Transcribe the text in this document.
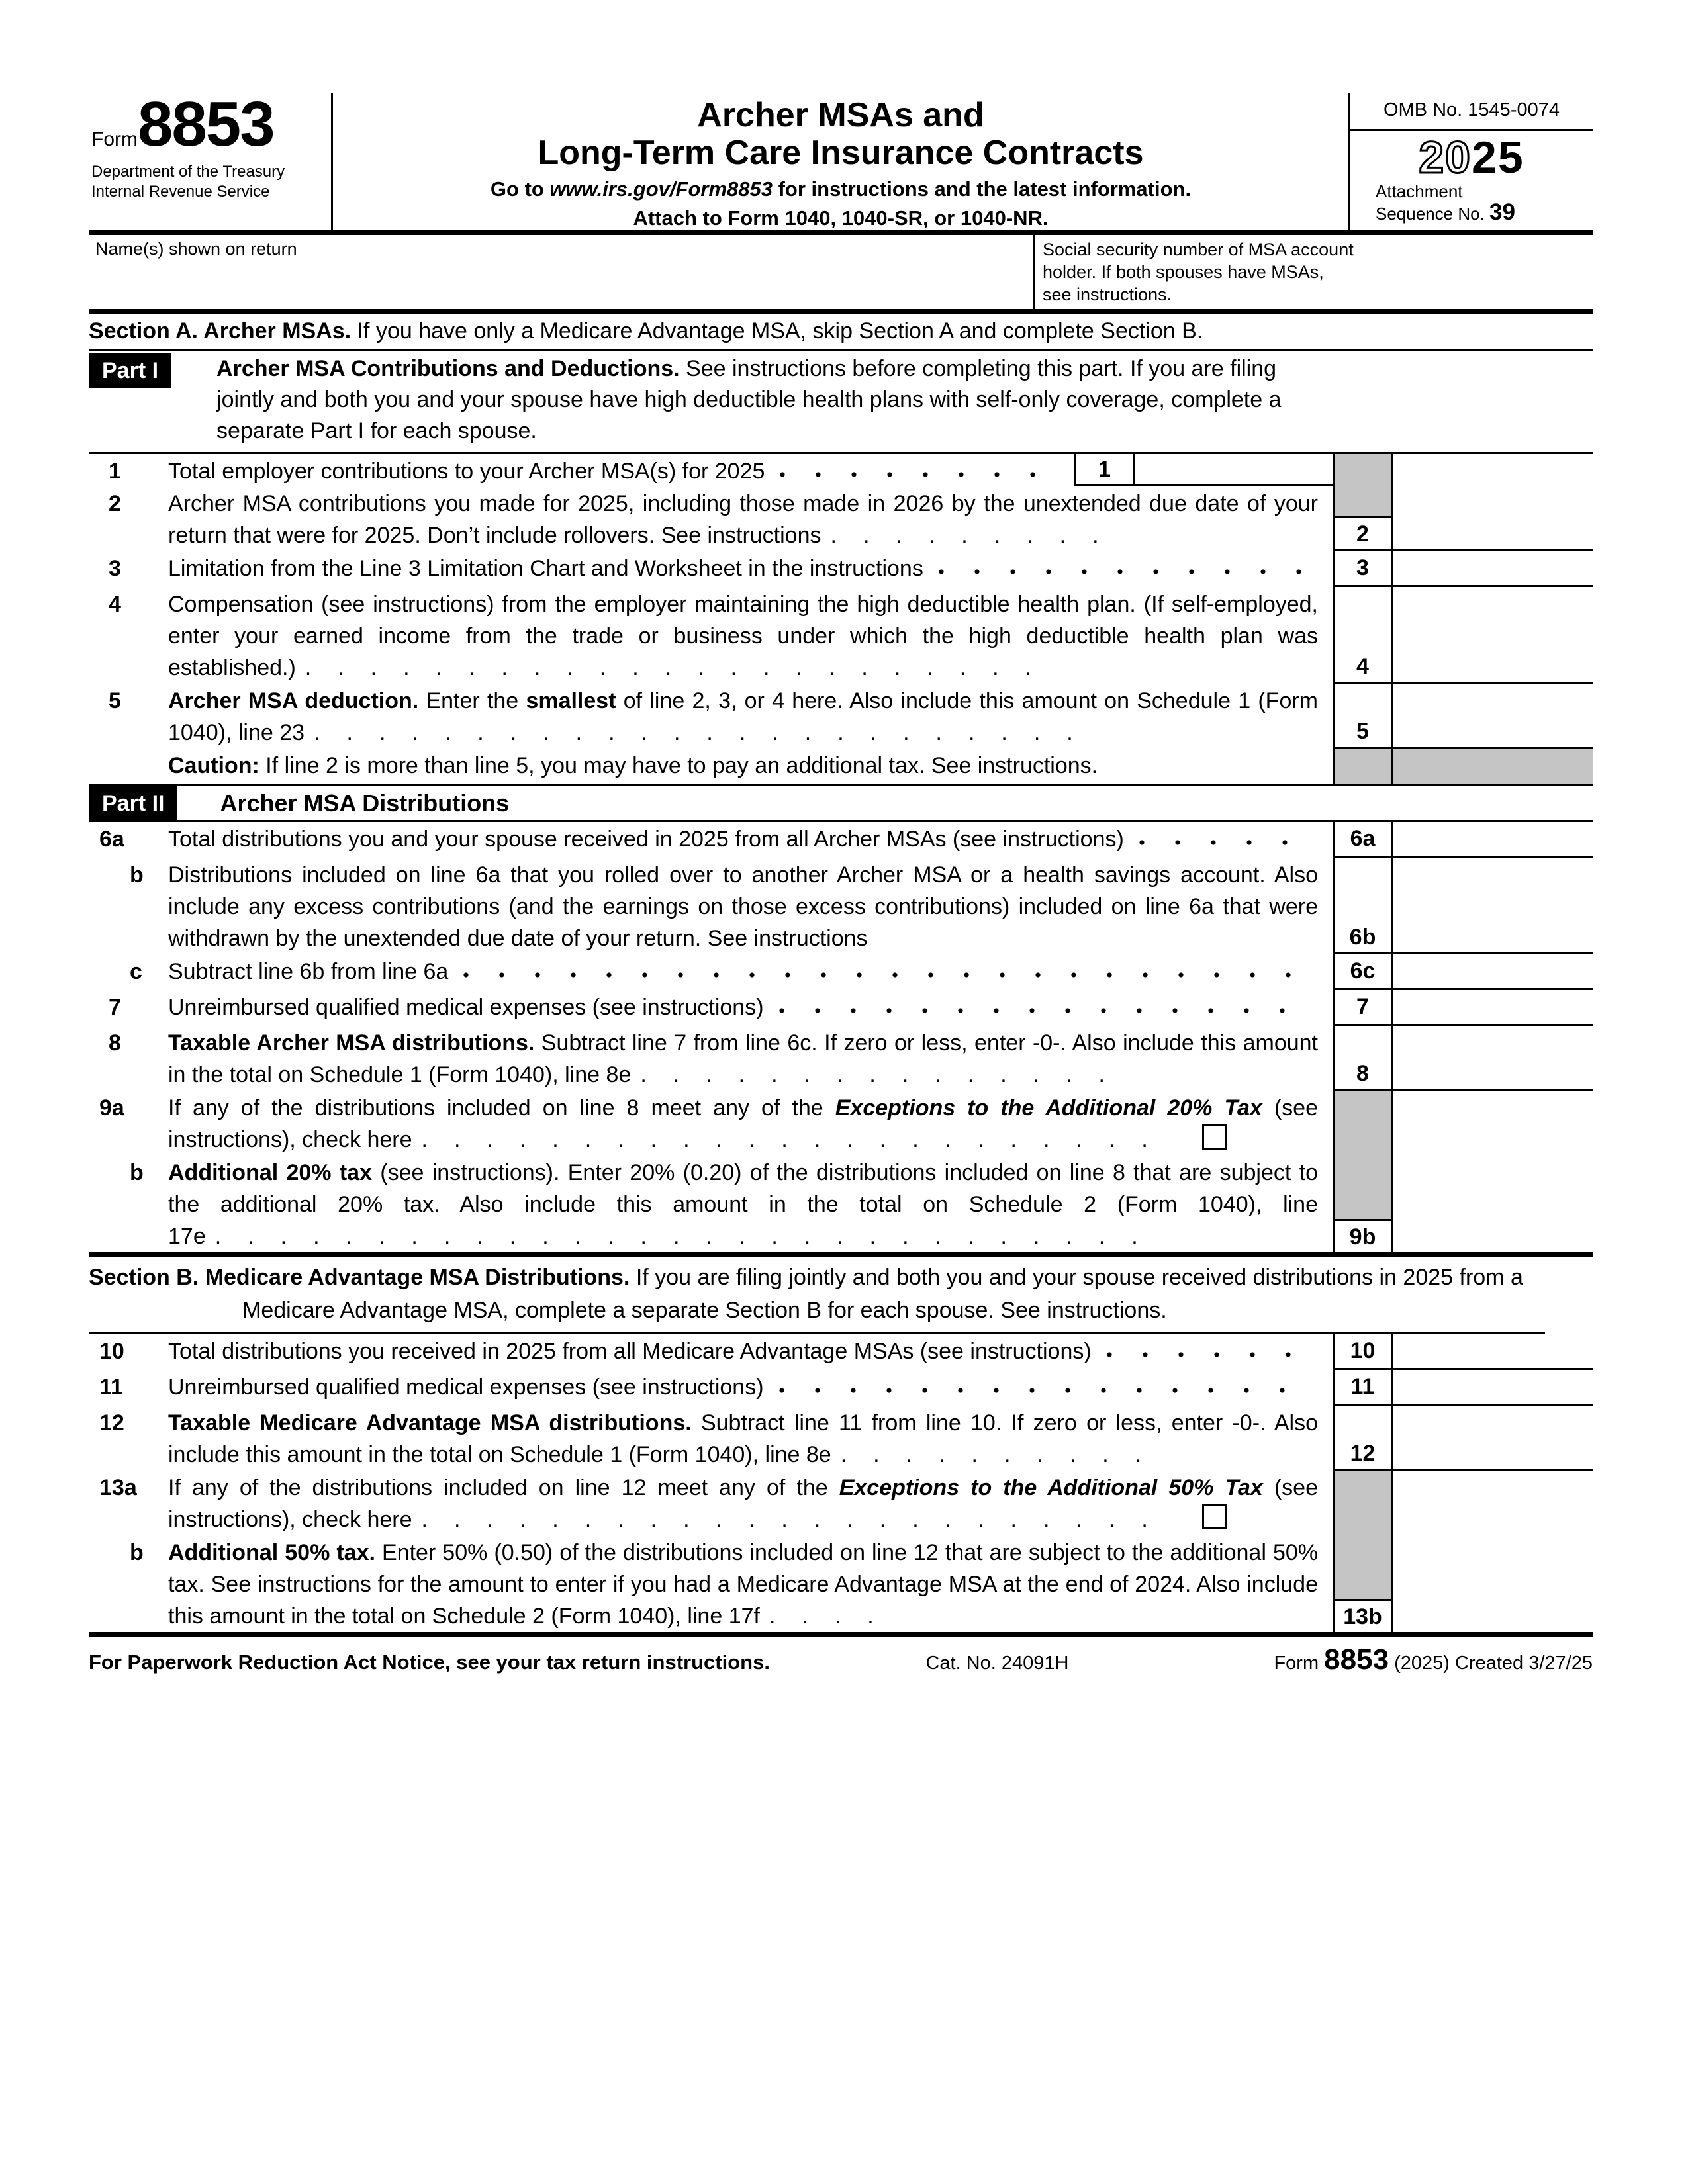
Form 8853
Department of the Treasury
Internal Revenue Service
Archer MSAs and
Long-Term Care Insurance Contracts
Go to www.irs.gov/Form8853 for instructions and the latest information.
Attach to Form 1040, 1040-SR, or 1040-NR.
OMB No. 1545-0074
2025
Attachment
Sequence No. 39
Name(s) shown on return	Social security number of MSA account holder. If both spouses have MSAs, see instructions.
Section A. Archer MSAs. If you have only a Medicare Advantage MSA, skip Section A and complete Section B.
Part I	Archer MSA Contributions and Deductions. See instructions before completing this part. If you are filing jointly and both you and your spouse have high deductible health plans with self-only coverage, complete a separate Part I for each spouse.
1	Total employer contributions to your Archer MSA(s) for 2025	1
2	Archer MSA contributions you made for 2025, including those made in 2026 by the unextended due date of your return that were for 2025. Don’t include rollovers. See instructions .........	2
3	Limitation from the Line 3 Limitation Chart and Worksheet in the instructions	3
4	Compensation (see instructions) from the employer maintaining the high deductible health plan. (If self-employed, enter your earned income from the trade or business under which the high deductible health plan was established.) .......................	4
5	Archer MSA deduction. Enter the smallest of line 2, 3, or 4 here. Also include this amount on Schedule 1 (Form 1040), line 23 ........................	5
Caution: If line 2 is more than line 5, you may have to pay an additional tax. See instructions.
Part II	Archer MSA Distributions
6a	Total distributions you and your spouse received in 2025 from all Archer MSAs (see instructions)	6a
b	Distributions included on line 6a that you rolled over to another Archer MSA or a health savings account. Also include any excess contributions (and the earnings on those excess contributions) included on line 6a that were withdrawn by the unextended due date of your return. See instructions	6b
c	Subtract line 6b from line 6a	6c
7	Unreimbursed qualified medical expenses (see instructions)	7
8	Taxable Archer MSA distributions. Subtract line 7 from line 6c. If zero or less, enter -0-. Also include this amount in the total on Schedule 1 (Form 1040), line 8e ...............	8
9a	If any of the distributions included on line 8 meet any of the Exceptions to the Additional 20% Tax (see instructions), check here .......................
b	Additional 20% tax (see instructions). Enter 20% (0.20) of the distributions included on line 8 that are subject to the additional 20% tax. Also include this amount in the total on Schedule 2 (Form 1040), line 17e .............................	9b
Section B. Medicare Advantage MSA Distributions. If you are filing jointly and both you and your spouse received distributions in 2025 from a Medicare Advantage MSA, complete a separate Section B for each spouse. See instructions.
10	Total distributions you received in 2025 from all Medicare Advantage MSAs (see instructions)	10
11	Unreimbursed qualified medical expenses (see instructions)	11
12	Taxable Medicare Advantage MSA distributions. Subtract line 11 from line 10. If zero or less, enter -0-. Also include this amount in the total on Schedule 1 (Form 1040), line 8e ..........	12
13a	If any of the distributions included on line 12 meet any of the Exceptions to the Additional 50% Tax (see instructions), check here .......................
b	Additional 50% tax. Enter 50% (0.50) of the distributions included on line 12 that are subject to the additional 50% tax. See instructions for the amount to enter if you had a Medicare Advantage MSA at the end of 2024. Also include this amount in the total on Schedule 2 (Form 1040), line 17f ....	13b
For Paperwork Reduction Act Notice, see your tax return instructions.	Cat. No. 24091H	Form 8853 (2025) Created 3/27/25
